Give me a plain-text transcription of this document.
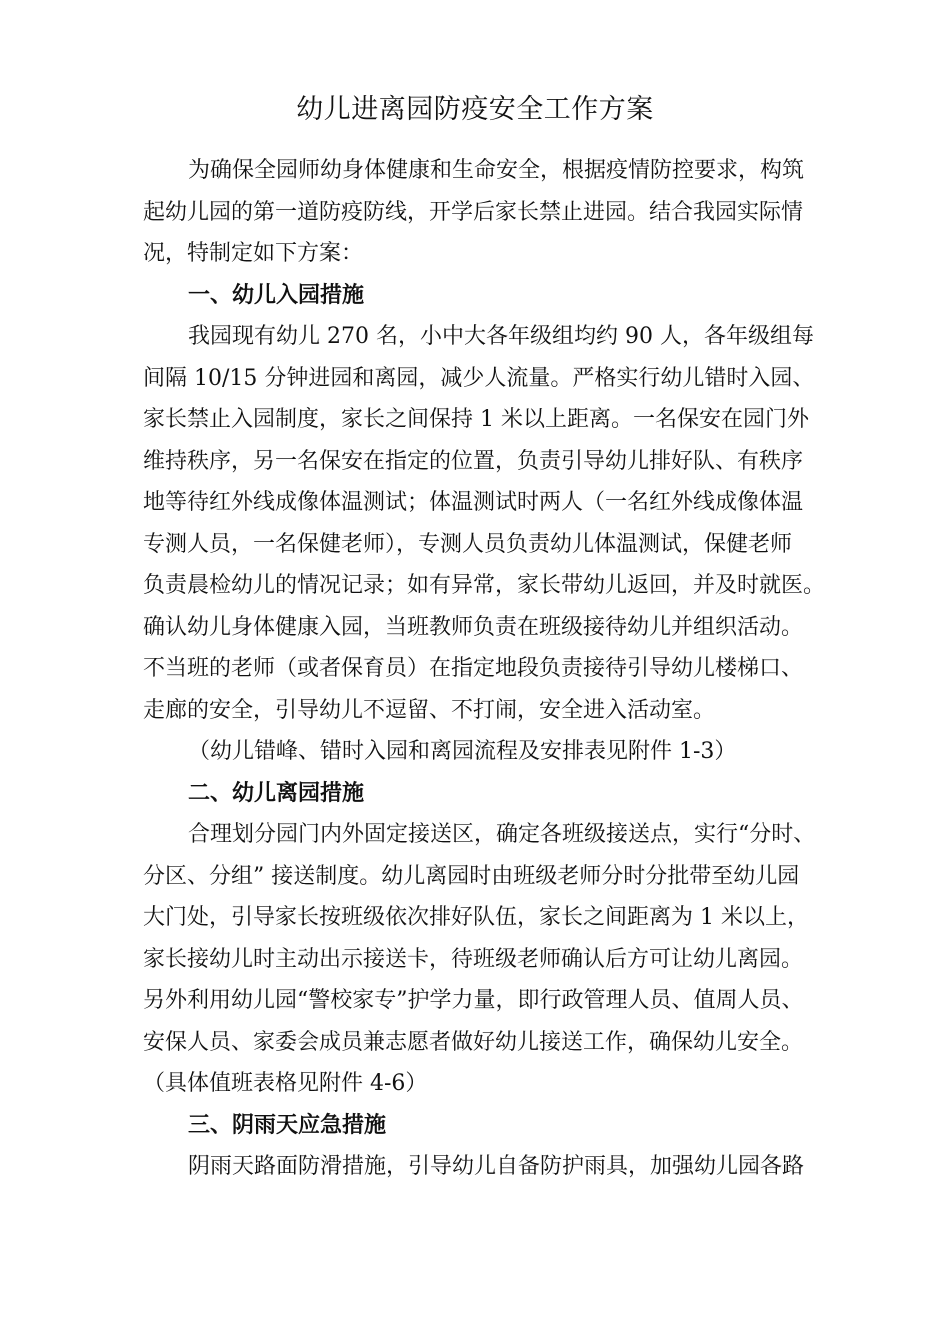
幼儿进离园防疫安全工作方案
为确保全园师幼身体健康和生命安全，根据疫情防控要求，构筑
起幼儿园的第一道防疫防线，开学后家长禁止进园。结合我园实际情
况，特制定如下方案：
一、幼儿入园措施
我园现有幼儿 270 名，小中大各年级组均约 90 人，各年级组每
间隔 10/15 分钟进园和离园，减少人流量。严格实行幼儿错时入园、
家长禁止入园制度，家长之间保持 1 米以上距离。一名保安在园门外
维持秩序，另一名保安在指定的位置，负责引导幼儿排好队、有秩序
地等待红外线成像体温测试；体温测试时两人（一名红外线成像体温
专测人员，一名保健老师），专测人员负责幼儿体温测试，保健老师
负责晨检幼儿的情况记录；如有异常，家长带幼儿返回，并及时就医。
确认幼儿身体健康入园，当班教师负责在班级接待幼儿并组织活动。
不当班的老师（或者保育员）在指定地段负责接待引导幼儿楼梯口、
走廊的安全，引导幼儿不逗留、不打闹，安全进入活动室。
（幼儿错峰、错时入园和离园流程及安排表见附件 1-3）
二、幼儿离园措施
合理划分园门内外固定接送区，确定各班级接送点，实行“分时、
分区、分组” 接送制度。幼儿离园时由班级老师分时分批带至幼儿园
大门处，引导家长按班级依次排好队伍，家长之间距离为 1 米以上，
家长接幼儿时主动出示接送卡，待班级老师确认后方可让幼儿离园。
另外利用幼儿园“警校家专”护学力量，即行政管理人员、值周人员、
安保人员、家委会成员兼志愿者做好幼儿接送工作，确保幼儿安全。
（具体值班表格见附件 4-6）
三、阴雨天应急措施
阴雨天路面防滑措施，引导幼儿自备防护雨具，加强幼儿园各路
